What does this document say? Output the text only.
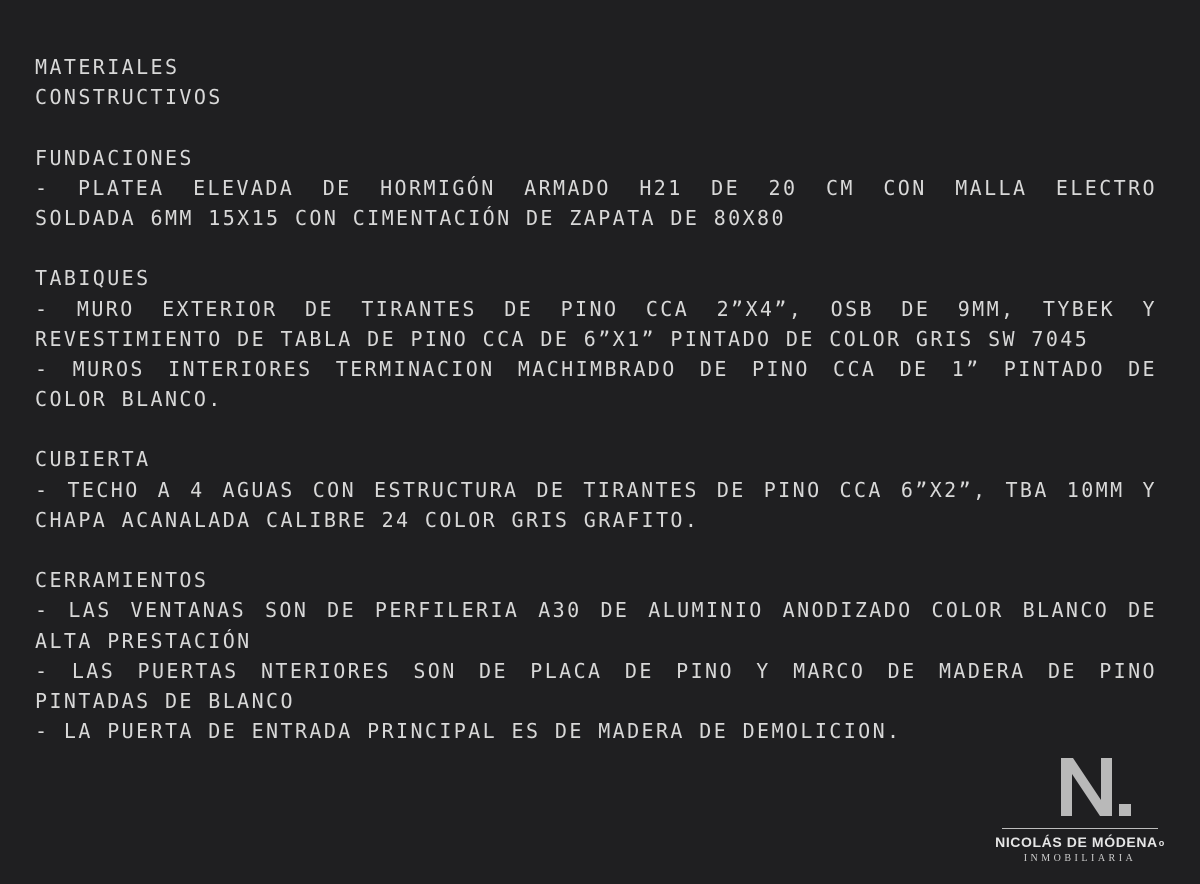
MATERIALES
CONSTRUCTIVOS
FUNDACIONES
- PLATEA ELEVADA DE HORMIGÓN ARMADO H21 DE 20 CM CON MALLA ELECTRO
SOLDADA 6MM 15X15 CON CIMENTACIÓN DE ZAPATA DE 80X80
TABIQUES
- MURO EXTERIOR DE TIRANTES DE PINO CCA 2”X4”, OSB DE 9MM, TYBEK Y
REVESTIMIENTO DE TABLA DE PINO CCA DE 6”X1” PINTADO DE COLOR GRIS SW 7045
- MUROS INTERIORES TERMINACION MACHIMBRADO DE PINO CCA DE 1” PINTADO DE
COLOR BLANCO.
CUBIERTA
- TECHO A 4 AGUAS CON ESTRUCTURA DE TIRANTES DE PINO CCA 6”X2”, TBA 10MM Y
CHAPA ACANALADA CALIBRE 24 COLOR GRIS GRAFITO.
CERRAMIENTOS
- LAS VENTANAS SON DE PERFILERIA A30 DE ALUMINIO ANODIZADO COLOR BLANCO DE
ALTA PRESTACIÓN
- LAS PUERTAS NTERIORES SON DE PLACA DE PINO Y MARCO DE MADERA DE PINO
PINTADAS DE BLANCO
- LA PUERTA DE ENTRADA PRINCIPAL ES DE MADERA DE DEMOLICION.
NICOLÁS DE MÓDENAo
INMOBILIARIA
